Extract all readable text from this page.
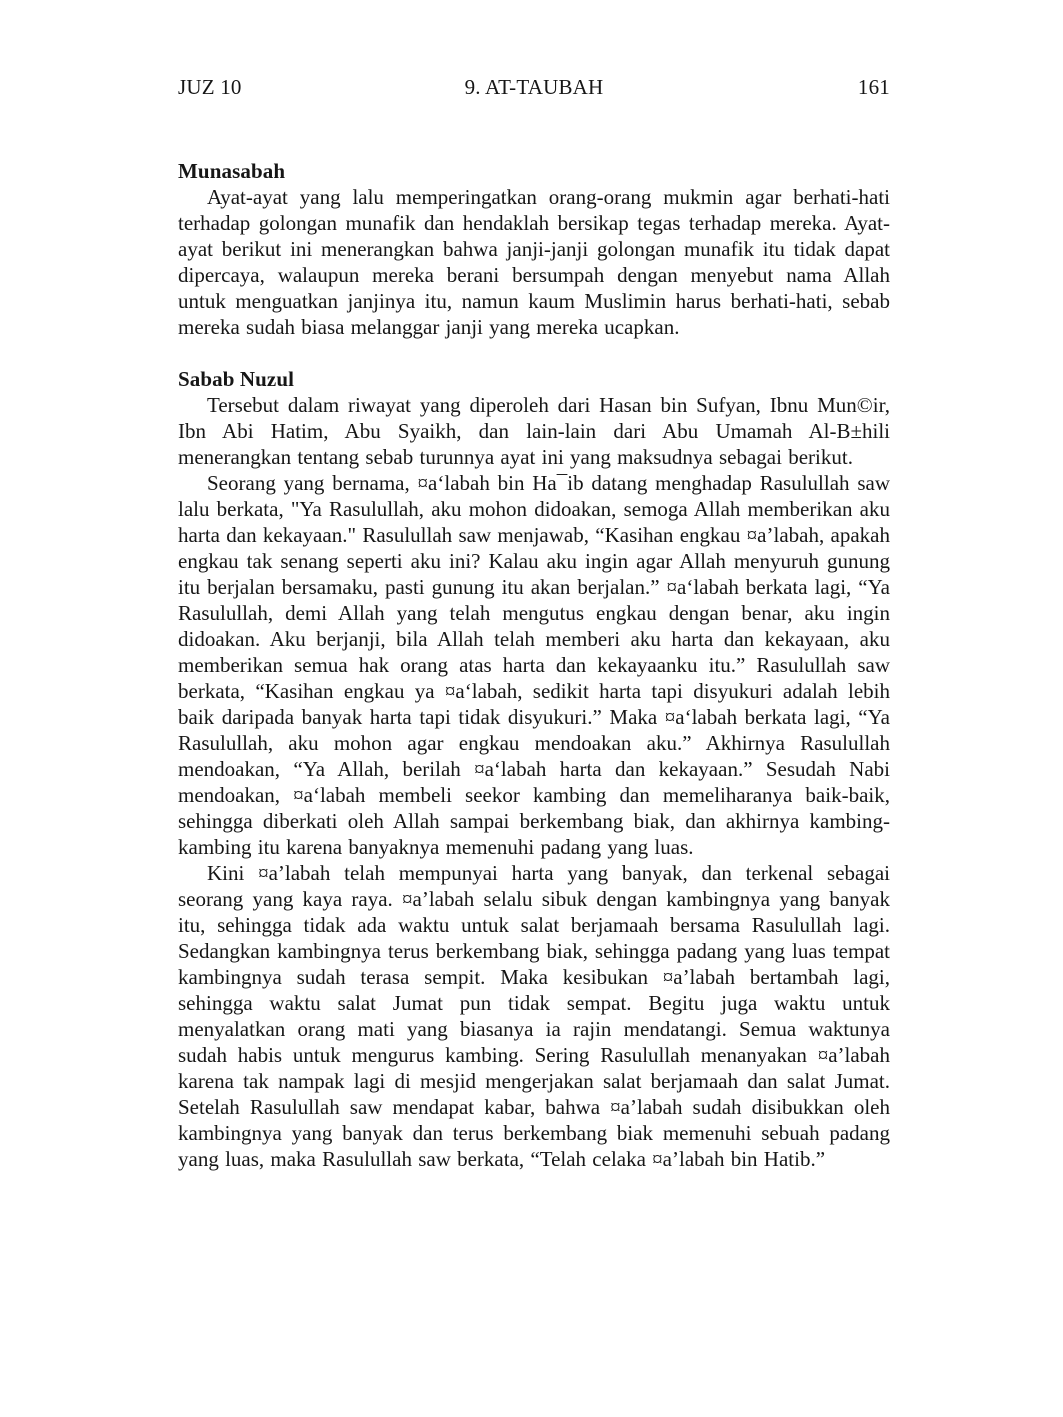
JUZ 10	9. AT-TAUBAH	161
Munasabah

Ayat-ayat yang lalu memperingatkan orang-orang mukmin agar berhati-hati terhadap golongan munafik dan hendaklah bersikap tegas terhadap mereka. Ayat-ayat berikut ini menerangkan bahwa janji-janji golongan munafik itu tidak dapat dipercaya, walaupun mereka berani bersumpah dengan menyebut nama Allah untuk menguatkan janjinya itu, namun kaum Muslimin harus berhati-hati, sebab mereka sudah biasa melanggar janji yang mereka ucapkan.

Sabab Nuzul

Tersebut dalam riwayat yang diperoleh dari Hasan bin Sufyan, Ibnu Mun©ir, Ibn Abi Hatim, Abu Syaikh, dan lain-lain dari Abu Umamah Al-B±hili menerangkan tentang sebab turunnya ayat ini yang maksudnya sebagai berikut.

Seorang yang bernama, ¤a‘labah bin Ha¯ib datang menghadap Rasulullah saw lalu berkata, "Ya Rasulullah, aku mohon didoakan, semoga Allah memberikan aku harta dan kekayaan." Rasulullah saw menjawab, “Kasihan engkau ¤a’labah, apakah engkau tak senang seperti aku ini? Kalau aku ingin agar Allah menyuruh gunung itu berjalan bersamaku, pasti gunung itu akan berjalan.” ¤a‘labah berkata lagi, “Ya Rasulullah, demi Allah yang telah mengutus engkau dengan benar, aku ingin didoakan. Aku berjanji, bila Allah telah memberi aku harta dan kekayaan, aku memberikan semua hak orang atas harta dan kekayaanku itu.” Rasulullah saw berkata, “Kasihan engkau ya ¤a‘labah, sedikit harta tapi disyukuri adalah lebih baik daripada banyak harta tapi tidak disyukuri.” Maka ¤a‘labah berkata lagi, “Ya Rasulullah, aku mohon agar engkau mendoakan aku.” Akhirnya Rasulullah mendoakan, “Ya Allah, berilah ¤a‘labah harta dan kekayaan.” Sesudah Nabi mendoakan, ¤a‘labah membeli seekor kambing dan memeliharanya baik-baik, sehingga diberkati oleh Allah sampai berkembang biak, dan akhirnya kambing-kambing itu karena banyaknya memenuhi padang yang luas.

Kini ¤a’labah telah mempunyai harta yang banyak, dan terkenal sebagai seorang yang kaya raya. ¤a’labah selalu sibuk dengan kambingnya yang banyak itu, sehingga tidak ada waktu untuk salat berjamaah bersama Rasulullah lagi. Sedangkan kambingnya terus berkembang biak, sehingga padang yang luas tempat kambingnya sudah terasa sempit. Maka kesibukan ¤a’labah bertambah lagi, sehingga waktu salat Jumat pun tidak sempat. Begitu juga waktu untuk menyalatkan orang mati yang biasanya ia rajin mendatangi. Semua waktunya sudah habis untuk mengurus kambing. Sering Rasulullah menanyakan ¤a’labah karena tak nampak lagi di mesjid mengerjakan salat berjamaah dan salat Jumat. Setelah Rasulullah saw mendapat kabar, bahwa ¤a’labah sudah disibukkan oleh kambingnya yang banyak dan terus berkembang biak memenuhi sebuah padang yang luas, maka Rasulullah saw berkata, “Telah celaka ¤a’labah bin Hatib.”
